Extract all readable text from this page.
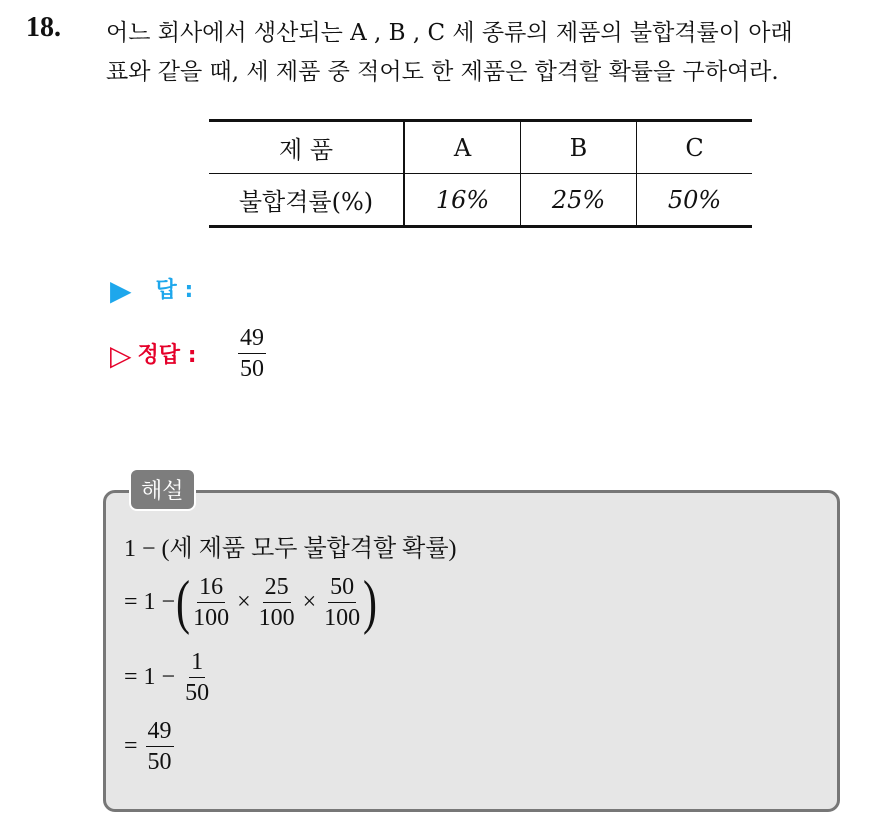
18. 어느 회사에서 생산되는 A , B , C 세 종류의 제품의 불합격률이 아래
표와 같을 때, 세 제품 중 적어도 한 제품은 합격할 확률을 구하여라.
제 품	A	B	C
불합격률(%)	16%	25%	50%
▶ 답 :
▷ 정답 : $\frac{49}{50}$
해설
1 − (세 제품 모두 불합격할 확률)
= 1 − ( $\frac{16}{100} \times \frac{25}{100} \times \frac{50}{100}$ )
= $1 - \frac{1}{50}$
= $\frac{49}{50}$
